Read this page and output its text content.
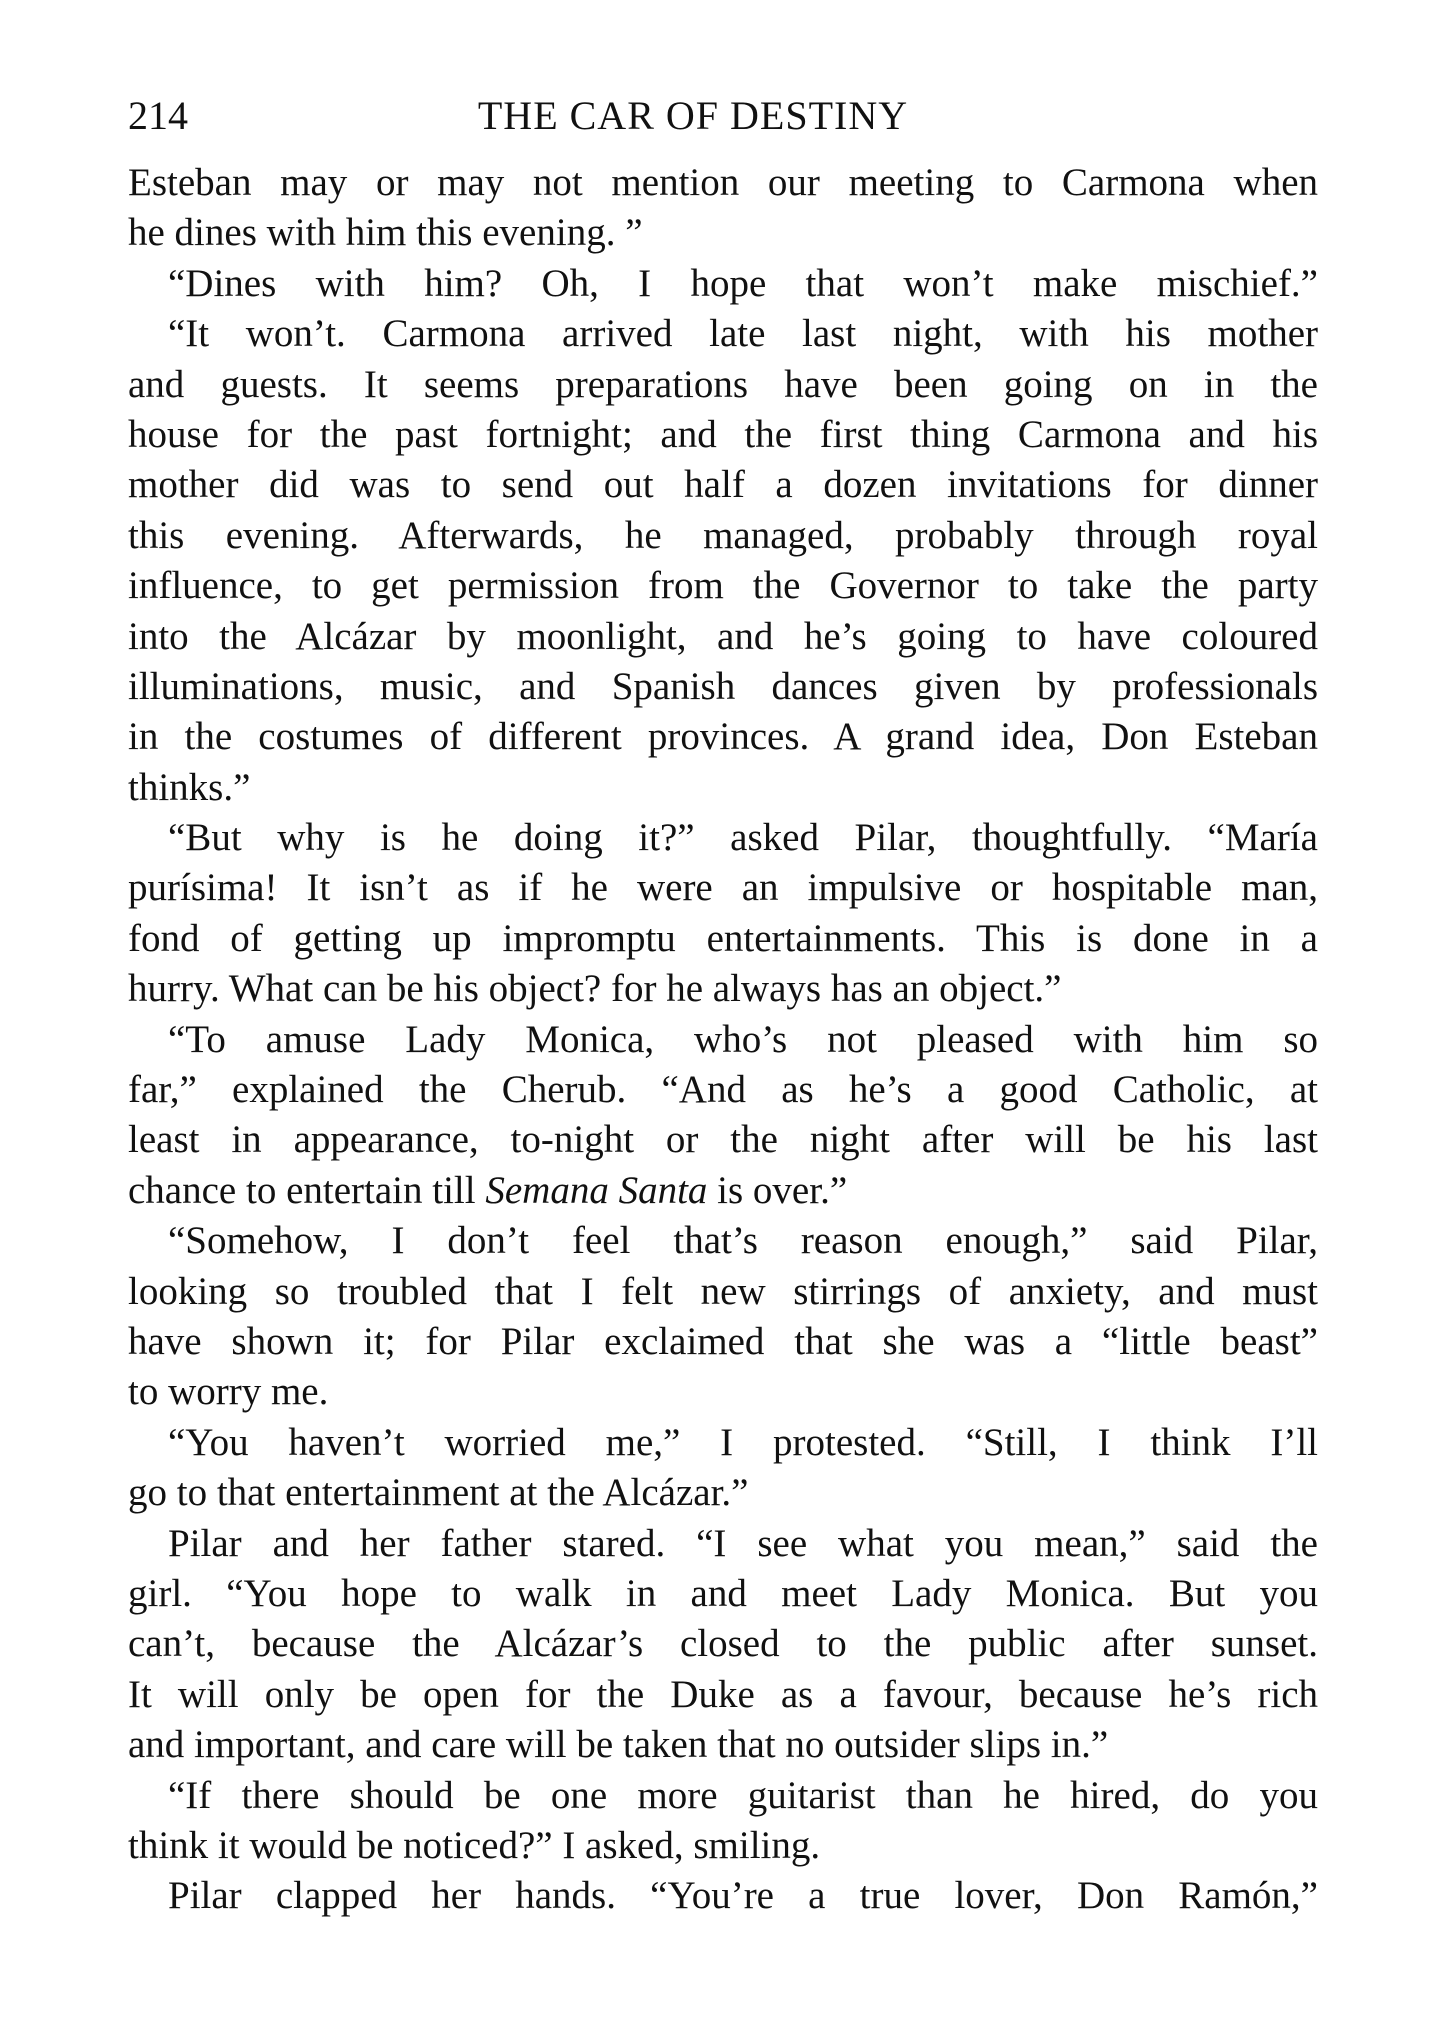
214	THE CAR OF DESTINY
Esteban may or may not mention our meeting to Carmona when
he dines with him this evening. ”
“Dines with him? Oh, I hope that won’t make mischief.”
“It won’t. Carmona arrived late last night, with his mother
and guests. It seems preparations have been going on in the
house for the past fortnight; and the first thing Carmona and his
mother did was to send out half a dozen invitations for dinner
this evening. Afterwards, he managed, probably through royal
influence, to get permission from the Governor to take the party
into the Alcázar by moonlight, and he’s going to have coloured
illuminations, music, and Spanish dances given by professionals
in the costumes of different provinces. A grand idea, Don Esteban
thinks.”
“But why is he doing it?” asked Pilar, thoughtfully. “María
purísima! It isn’t as if he were an impulsive or hospitable man,
fond of getting up impromptu entertainments. This is done in a
hurry. What can be his object? for he always has an object.”
“To amuse Lady Monica, who’s not pleased with him so
far,” explained the Cherub. “And as he’s a good Catholic, at
least in appearance, to-night or the night after will be his last
chance to entertain till Semana Santa is over.”
“Somehow, I don’t feel that’s reason enough,” said Pilar,
looking so troubled that I felt new stirrings of anxiety, and must
have shown it; for Pilar exclaimed that she was a “little beast”
to worry me.
“You haven’t worried me,” I protested. “Still, I think I’ll
go to that entertainment at the Alcázar.”
Pilar and her father stared. “I see what you mean,” said the
girl. “You hope to walk in and meet Lady Monica. But you
can’t, because the Alcázar’s closed to the public after sunset.
It will only be open for the Duke as a favour, because he’s rich
and important, and care will be taken that no outsider slips in.”
“If there should be one more guitarist than he hired, do you
think it would be noticed?” I asked, smiling.
Pilar clapped her hands. “You’re a true lover, Don Ramón,”
